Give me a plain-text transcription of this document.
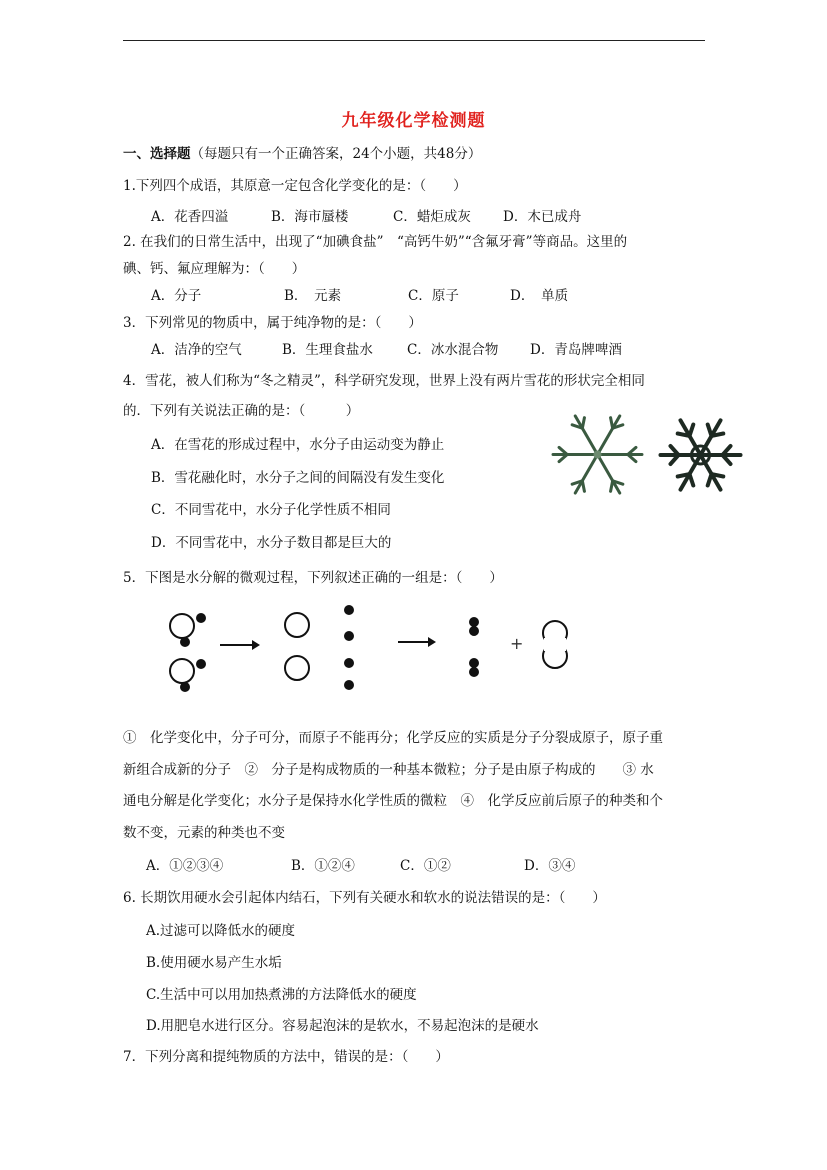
九年级化学检测题
一、选择题（每题只有一个正确答案，24个小题，共48分）
1.下列四个成语，其原意一定包含化学变化的是：（　　）
A．花香四溢	B．海市蜃楼	C．蜡炬成灰 D．木已成舟
2. 在我们的日常生活中，出现了“加碘食盐”　“高钙牛奶”“含氟牙膏”等商品。这里的
碘、钙、氟应理解为：（　　）
A．分子	B．　元素	C．原子	D．　单质
3．下列常见的物质中，属于纯净物的是：（　　）
A．洁净的空气	B．生理食盐水	C．冰水混合物 D．青岛牌啤酒
4．雪花，被人们称为“冬之精灵”，科学研究发现，世界上没有两片雪花的形状完全相同
的．下列有关说法正确的是：（　　　）
A．在雪花的形成过程中，水分子由运动变为静止
B．雪花融化时，水分子之间的间隔没有发生变化
C．不同雪花中，水分子化学性质不相同
D．不同雪花中，水分子数目都是巨大的
5．下图是水分解的微观过程，下列叙述正确的一组是：（　　）
+
①　化学变化中，分子可分，而原子不能再分；化学反应的实质是分子分裂成原子，原子重
新组合成新的分子　②　分子是构成物质的一种基本微粒；分子是由原子构成的　　③ 水
通电分解是化学变化；水分子是保持水化学性质的微粒　④　化学反应前后原子的种类和个
数不变，元素的种类也不变
A．①②③④	B．①②④	C．①②	D．③④
6. 长期饮用硬水会引起体内结石，下列有关硬水和软水的说法错误的是：（　　）
A.过滤可以降低水的硬度
B.使用硬水易产生水垢
C.生活中可以用加热煮沸的方法降低水的硬度
D.用肥皂水进行区分。容易起泡沫的是软水，不易起泡沫的是硬水
7．下列分离和提纯物质的方法中，错误的是：（　　）
